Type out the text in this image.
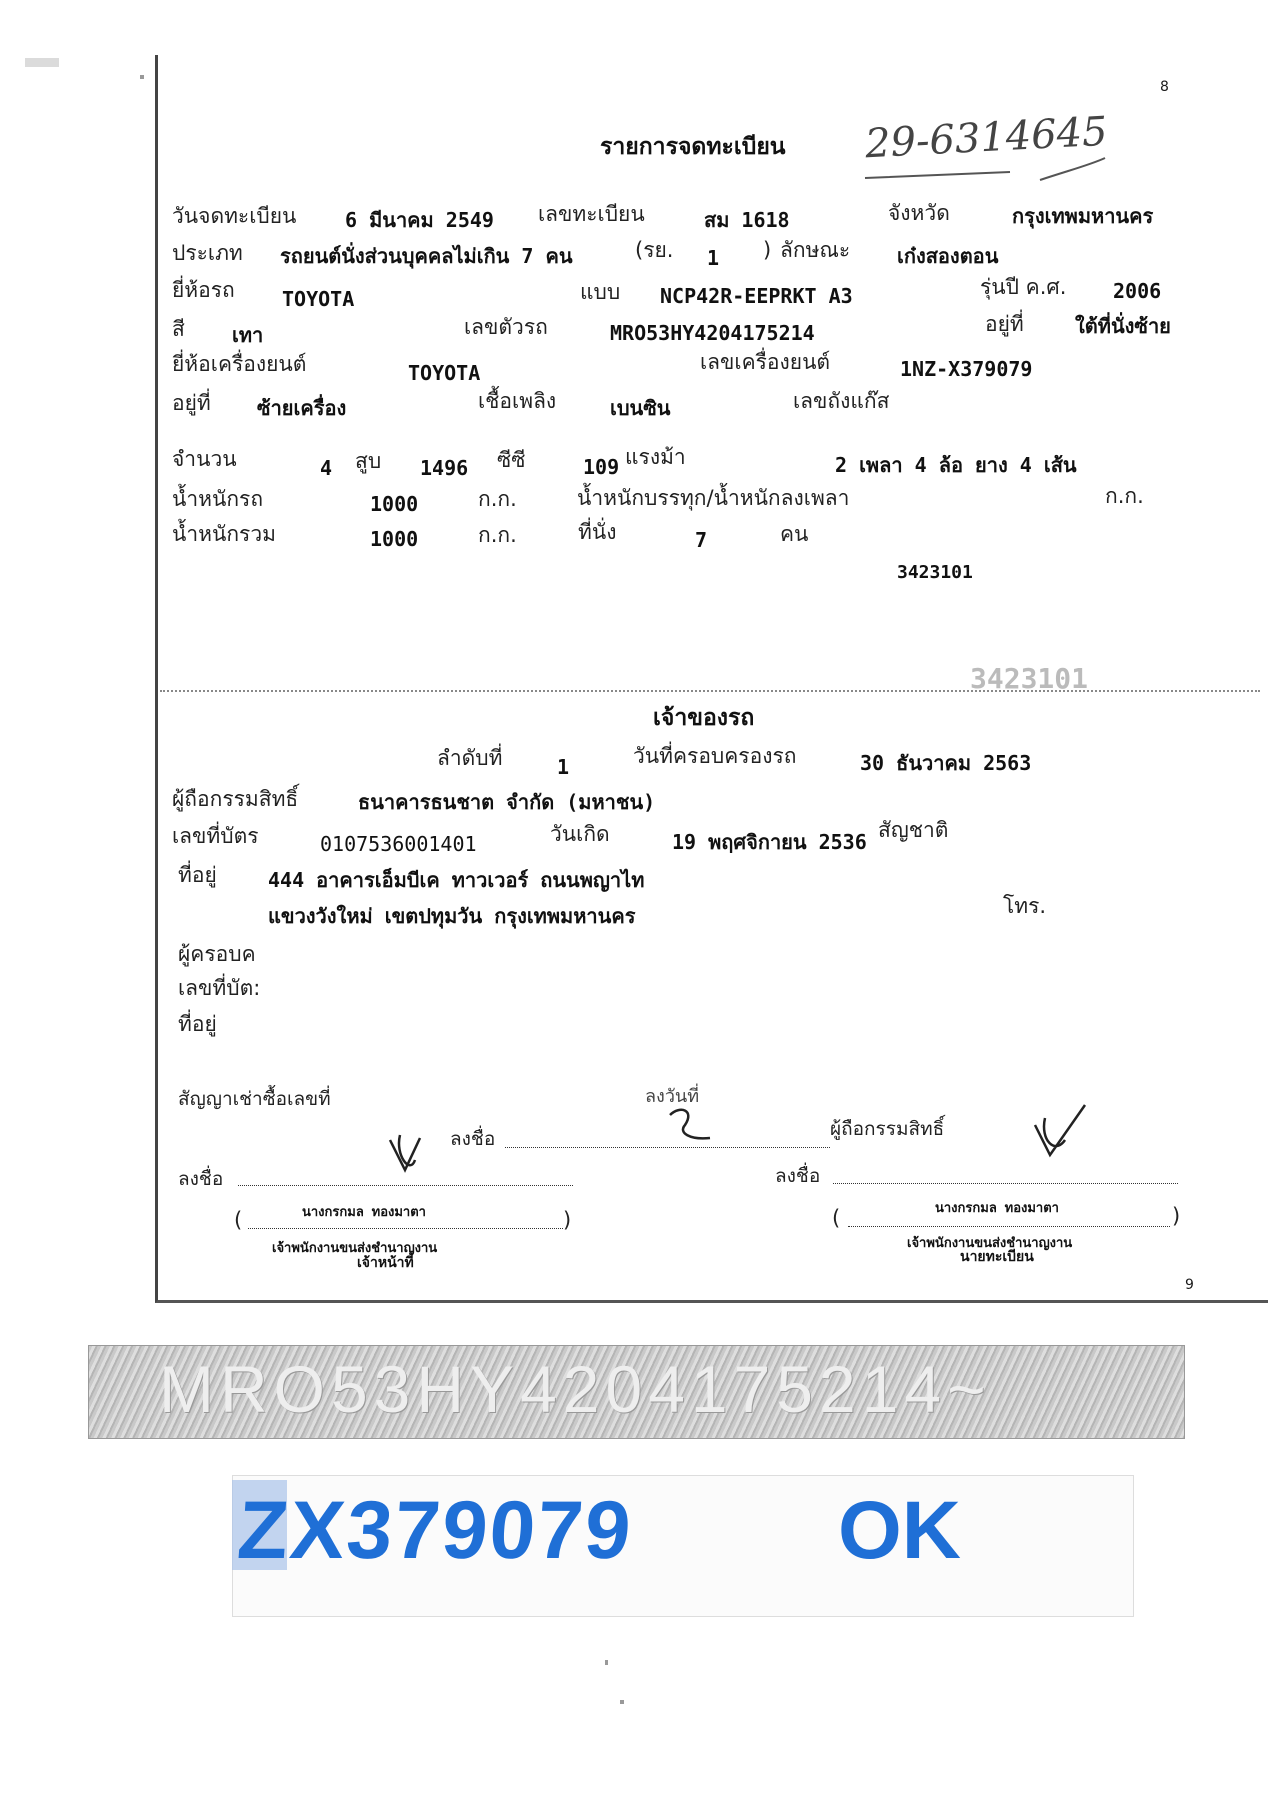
8
รายการจดทะเบียน 29-6314645
วันจดทะเบียน 6 มีนาคม 2549 เลขทะเบียน	สม 1618	จังหวัด	กรุงเทพมหานคร
ประเภท รถยนต์นั่งส่วนบุคคลไม่เกิน 7 คน	(รย. 1 ) ลักษณะ เก๋งสองตอน
ยี่ห้อรถ TOYOTA	แบบ NCP42R-EEPRKT A3	รุ่นปี ค.ศ. 2006
สี เทา	เลขตัวรถ	MRO53HY4204175214	อยู่ที่	ใต้ที่นั่งซ้าย
ยี่ห้อเครื่องยนต์	TOYOTA	เลขเครื่องยนต์	1NZ-X379079
อยู่ที่ ซ้ายเครื่อง	เชื้อเพลิง	เบนซิน	เลขถังแก๊ส
จำนวน	4 สูบ 1496 ซีซี	109 แรงม้า	2 เพลา 4 ล้อ ยาง 4 เส้น
น้ำหนักรถ	1000	ก.ก.	น้ำหนักบรรทุก/น้ำหนักลงเพลา	ก.ก.
น้ำหนักรวม	1000	ก.ก.	ที่นั่ง	7	คน
3423101
3423101
เจ้าของรถ
ลำดับที่	1	วันที่ครอบครองรถ	30 ธันวาคม 2563
ผู้ถือกรรมสิทธิ์	ธนาคารธนชาต จำกัด (มหาชน)
เลขที่บัตร	0107536001401	วันเกิด	19 พฤศจิกายน 2536 สัญชาติ
ที่อยู่	444 อาคารเอ็มบีเค ทาวเวอร์ ถนนพญาไท
แขวงวังใหม่ เขตปทุมวัน กรุงเทพมหานคร	โทร.
ผู้ครอบค
เลขที่บัต:
ที่อยู่
สัญญาเช่าซื้อเลขที่	ลงวันที่
ลงชื่อ	ผู้ถือกรรมสิทธิ์
ลงชื่อ	ลงชื่อ
(	)
นางกรกมล ทองมาตา
เจ้าพนักงานขนส่งชำนาญงาน
เจ้าหน้าที่
(	)
นางกรกมล ทองมาตา
เจ้าพนักงานขนส่งชำนาญงาน
นายทะเบียน
9
MRO53HY4204175214~
ZX379079 OK
